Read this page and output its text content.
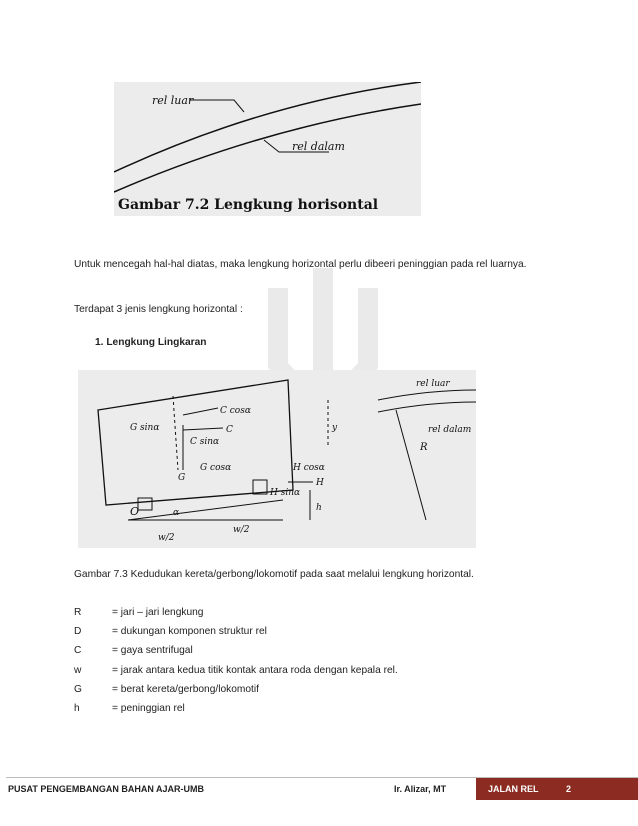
rel luar
rel dalam
Gambar 7.2 Lengkung horisontal
Untuk mencegah hal-hal diatas, maka lengkung horizontal perlu dibeeri peninggian pada rel luarnya.
Terdapat 3 jenis lengkung horizontal :
1. Lengkung Lingkaran
C cosα
G sinα	C
C sinα
G cosα
G
O	α
w/2
w/2
H cosα
H
H sinα
h
y
rel luar
rel dalam
R
Gambar 7.3 Kedudukan kereta/gerbong/lokomotif pada saat melalui lengkung horizontal.
R	= jari – jari lengkung
D	= dukungan komponen struktur rel
C	= gaya sentrifugal
w	= jarak antara kedua titik kontak antara roda dengan kepala rel.
G	= berat kereta/gerbong/lokomotif
h	= peninggian rel
PUSAT PENGEMBANGAN BAHAN AJAR-UMB	Ir. Alizar, MT	JALAN REL	2
